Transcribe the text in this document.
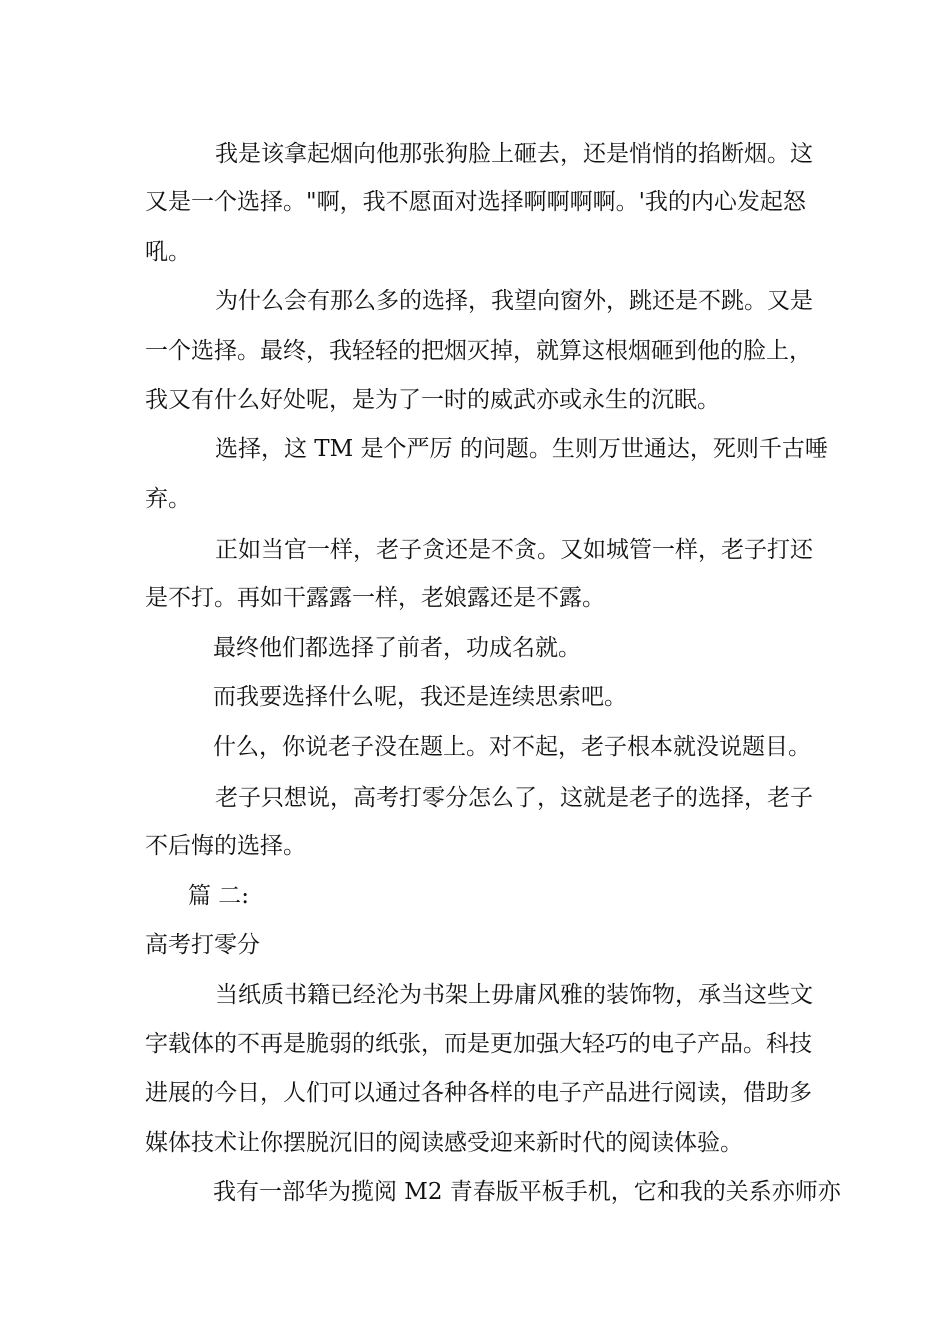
我是该拿起烟向他那张狗脸上砸去，还是悄悄的掐断烟。这

又是一个选择。"啊，我不愿面对选择啊啊啊啊。'我的内心发起怒

吼。

为什么会有那么多的选择，我望向窗外，跳还是不跳。又是

一个选择。最终，我轻轻的把烟灭掉，就算这根烟砸到他的脸上，

我又有什么好处呢，是为了一时的威武亦或永生的沉眠。

选择，这 TM 是个严厉 的问题。生则万世通达，死则千古唾

弃。

正如当官一样，老子贪还是不贪。又如城管一样，老子打还

是不打。再如干露露一样，老娘露还是不露。

最终他们都选择了前者，功成名就。

而我要选择什么呢，我还是连续思索吧。

什么，你说老子没在题上。对不起，老子根本就没说题目。

老子只想说，高考打零分怎么了，这就是老子的选择，老子

不后悔的选择。

篇 二:

高考打零分

当纸质书籍已经沦为书架上毋庸风雅的装饰物，承当这些文

字载体的不再是脆弱的纸张，而是更加强大轻巧的电子产品。科技

进展的今日，人们可以通过各种各样的电子产品进行阅读，借助多

媒体技术让你摆脱沉旧的阅读感受迎来新时代的阅读体验。

我有一部华为揽阅 M2 青春版平板手机，它和我的关系亦师亦
